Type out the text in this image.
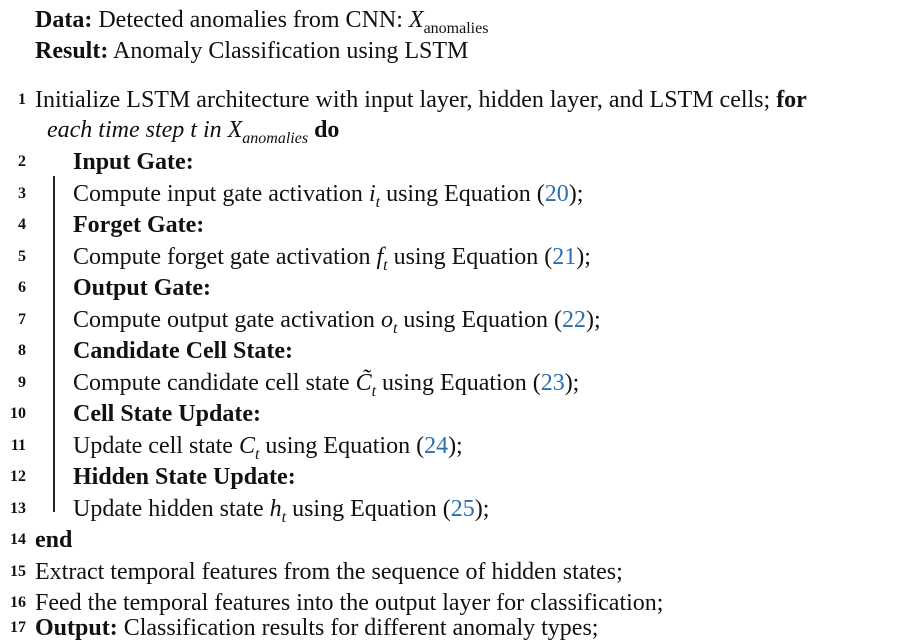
Data: Detected anomalies from CNN: $X_{anomalies}$
Result: Anomaly Classification using LSTM
1 Initialize LSTM architecture with input layer, hidden layer, and LSTM cells; for
each time step t in $X_{anomalies}$ do
2 Input Gate:
3 Compute input gate activation $i_t$ using Equation (20);
4 Forget Gate:
5 Compute forget gate activation $f_t$ using Equation (21);
6 Output Gate:
7 Compute output gate activation $o_t$ using Equation (22);
8 Candidate Cell State:
9 Compute candidate cell state $C̃_t$ using Equation (23);
10 Cell State Update:
11 Update cell state $C_t$ using Equation (24);
12 Hidden State Update:
13 Update hidden state $h_t$ using Equation (25);
14 end
15 Extract temporal features from the sequence of hidden states;
16 Feed the temporal features into the output layer for classification;
17 Output: Classification results for different anomaly types;
